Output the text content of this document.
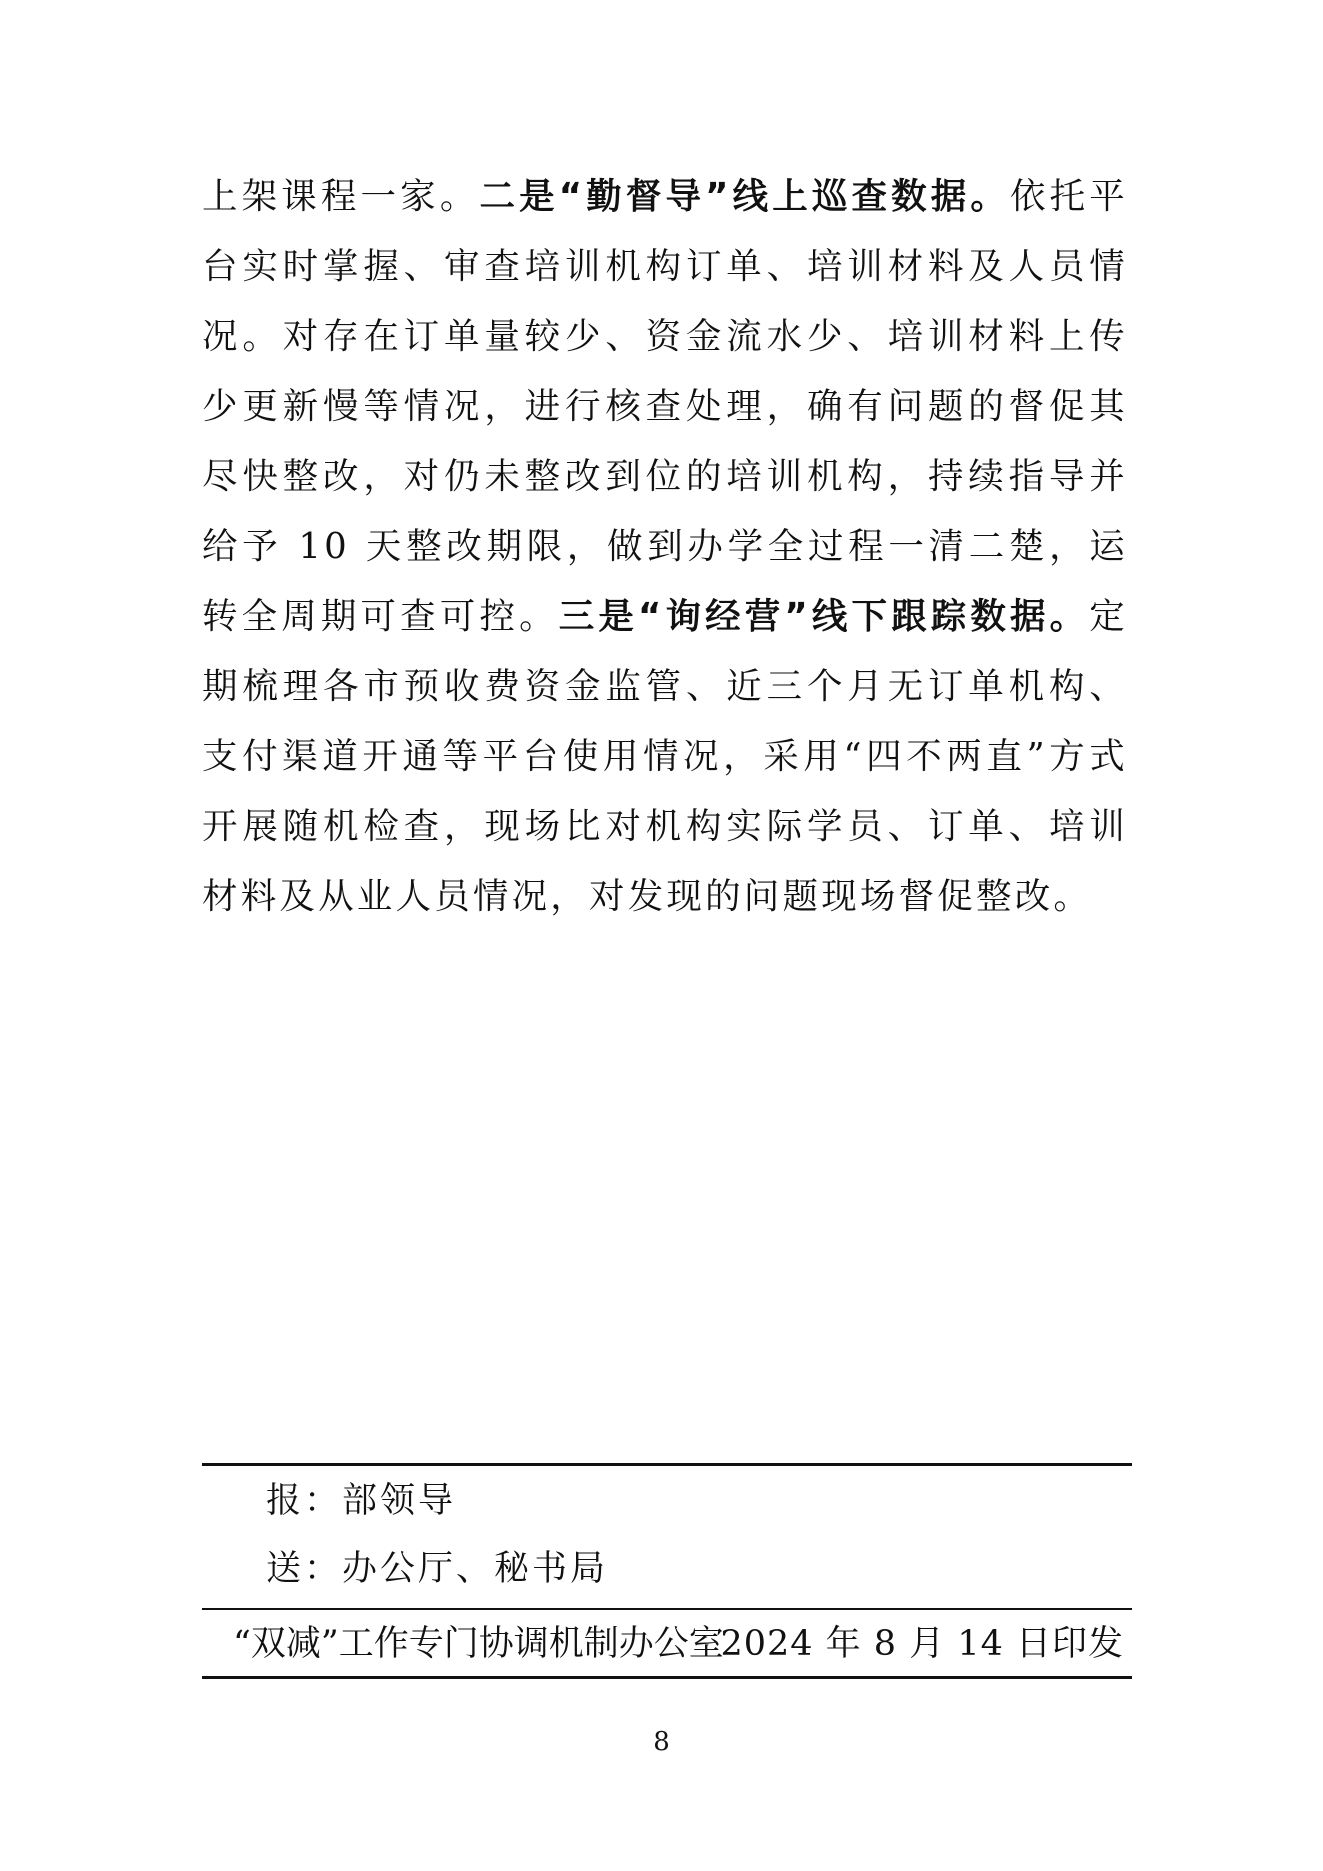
上架课程一家。二是“勤督导”线上巡查数据。依托平台实时掌握、审查培训机构订单、培训材料及人员情况。对存在订单量较少、资金流水少、培训材料上传少更新慢等情况，进行核查处理，确有问题的督促其尽快整改，对仍未整改到位的培训机构，持续指导并给予 10 天整改期限，做到办学全过程一清二楚，运转全周期可查可控。三是“询经营”线下跟踪数据。定期梳理各市预收费资金监管、近三个月无订单机构、支付渠道开通等平台使用情况，采用“四不两直”方式开展随机检查，现场比对机构实际学员、订单、培训材料及从业人员情况，对发现的问题现场督促整改。

报：部领导
送：办公厅、秘书局
“双减”工作专门协调机制办公室
2024 年 8 月 14 日印发
8
